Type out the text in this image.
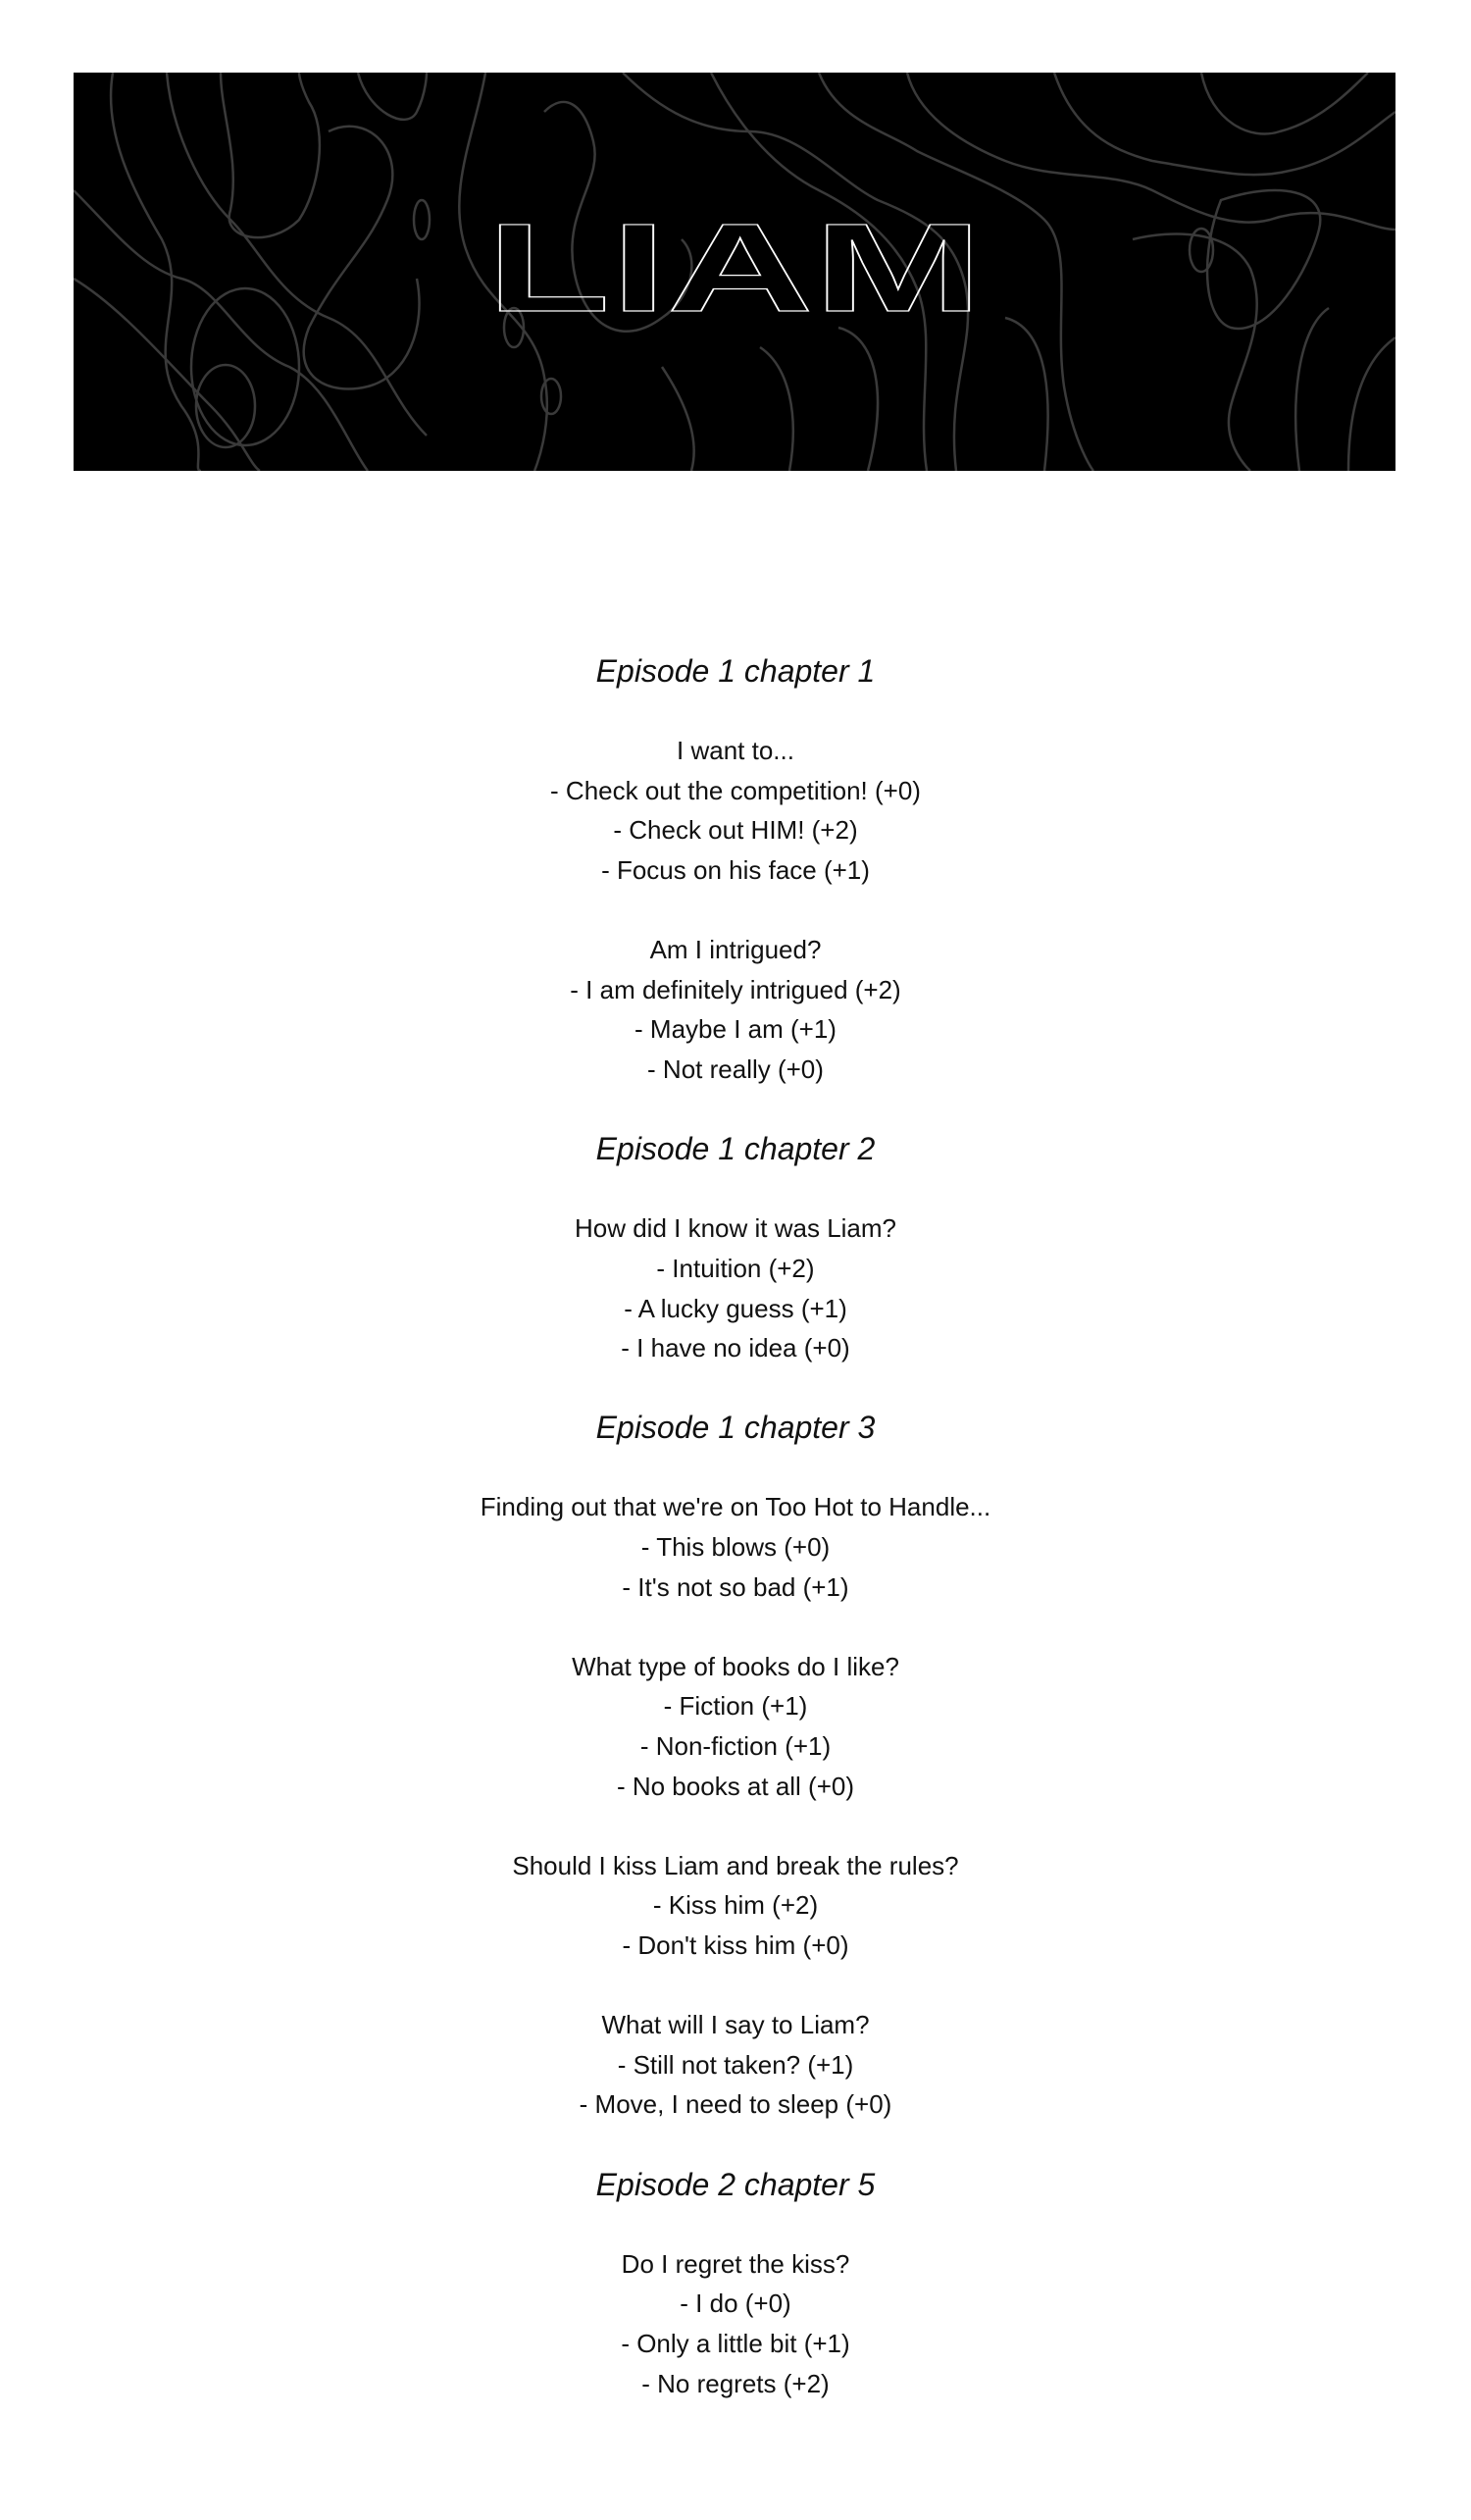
LIAM
Episode 1 chapter 1
I want to...
- Check out the competition! (+0)
- Check out HIM! (+2)
- Focus on his face (+1)
Am I intrigued?
- I am definitely intrigued (+2)
- Maybe I am (+1)
- Not really (+0)
Episode 1 chapter 2
How did I know it was Liam?
- Intuition (+2)
- A lucky guess (+1)
- I have no idea (+0)
Episode 1 chapter 3
Finding out that we're on Too Hot to Handle...
- This blows (+0)
- It's not so bad (+1)
What type of books do I like?
- Fiction (+1)
- Non-fiction (+1)
- No books at all (+0)
Should I kiss Liam and break the rules?
- Kiss him (+2)
- Don't kiss him (+0)
What will I say to Liam?
- Still not taken? (+1)
- Move, I need to sleep (+0)
Episode 2 chapter 5
Do I regret the kiss?
- I do (+0)
- Only a little bit (+1)
- No regrets (+2)
